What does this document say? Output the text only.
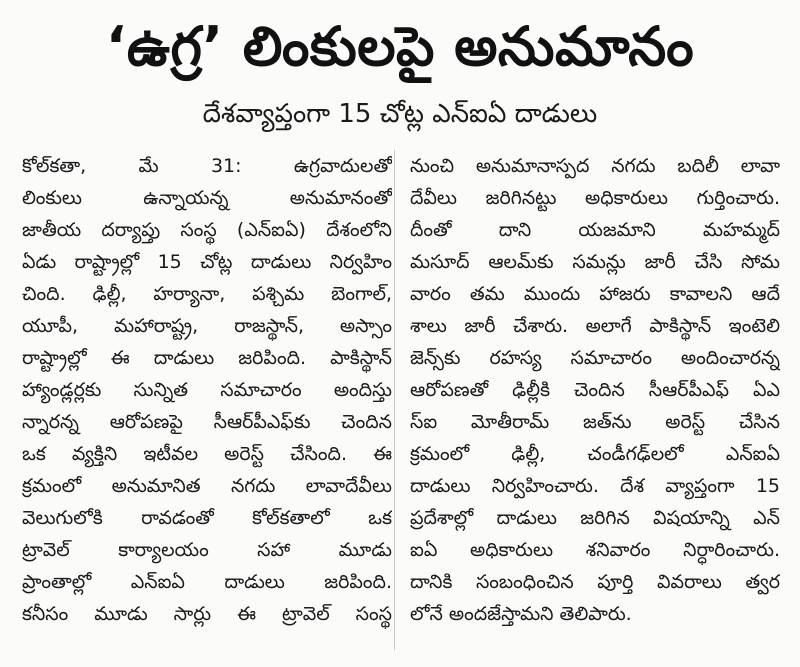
‘ఉగ్ర’ లింకులపై అనుమానం
దేశవ్యాప్తంగా 15 చోట్ల ఎన్ఐఏ దాడులు
కోల్‌కతా, మే 31: ఉగ్రవాదులతో
లింకులు ఉన్నాయన్న అనుమానంతో
జాతీయ దర్యాప్తు సంస్థ (ఎన్ఐఏ) దేశంలోని
ఏడు రాష్ట్రాల్లో 15 చోట్ల దాడులు నిర్వహిం
చింది. ఢిల్లీ, హర్యానా, పశ్చిమ బెంగాల్,
యూపీ, మహారాష్ట్ర, రాజస్థాన్, అస్సాం
రాష్ట్రాల్లో ఈ దాడులు జరిపింది. పాకిస్థాన్
హ్యాండ్లర్లకు సున్నిత సమాచారం అందిస్తు
న్నారన్న ఆరోపణపై సీఆర్‌పీఎఫ్‌కు చెందిన
ఒక వ్యక్తిని ఇటీవల అరెస్ట్ చేసింది. ఈ
క్రమంలో అనుమానిత నగదు లావాదేవీలు
వెలుగులోకి రావడంతో కోల్‌కతాలో ఒక
ట్రావెల్ కార్యాలయం సహా మూడు
ప్రాంతాల్లో ఎన్ఐఏ దాడులు జరిపింది.
కనీసం మూడు సార్లు ఈ ట్రావెల్ సంస్థ
నుంచి అనుమానాస్పద నగదు బదిలీ లావా
దేవీలు జరిగినట్టు అధికారులు గుర్తించారు.
దీంతో దాని యజమాని మహమ్మద్
మసూద్ ఆలమ్‌కు సమన్లు జారీ చేసి సోమ
వారం తమ ముందు హాజరు కావాలని ఆదే
శాలు జారీ చేశారు. అలాగే పాకిస్థాన్ ఇంటెలి
జెన్స్‌కు రహస్య సమాచారం అందించారన్న
ఆరోపణతో ఢిల్లీకి చెందిన సీఆర్‌పీఎఫ్ ఏఎ
స్ఐ మోతీరామ్ జత్‌ను అరెస్ట్ చేసిన
క్రమంలో ఢిల్లీ, చండీగఢ్‌లలో ఎన్ఐఏ
దాడులు నిర్వహించారు. దేశ వ్యాప్తంగా 15
ప్రదేశాల్లో దాడులు జరిగిన విషయాన్ని ఎన్
ఐఏ అధికారులు శనివారం నిర్ధారించారు.
దానికి సంబంధించిన పూర్తి వివరాలు త్వర
లోనే అందజేస్తామని తెలిపారు.
